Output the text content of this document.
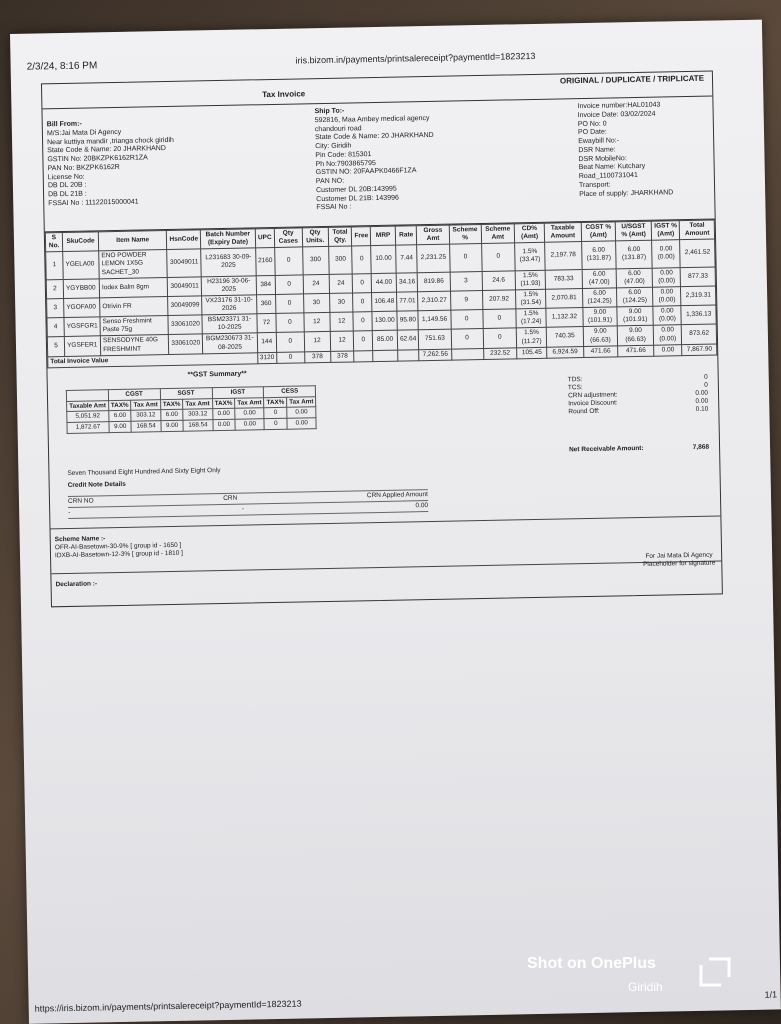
2/3/24, 8:16 PM
iris.bizom.in/payments/printsalereceipt?paymentId=1823213
Tax Invoice
ORIGINAL / DUPLICATE / TRIPLICATE
Bill From:-
M/S:Jai Mata Di Agency
Near kuttiya mandir ,trianga chock giridih
State Code & Name: 20 JHARKHAND
GSTIN No: 20BKZPK6162R1ZA
PAN No: BKZPK6162R
License No:
DB DL 20B :
DB DL 21B :
FSSAI No : 11122015000041
Ship To:-
592816, Maa Ambey medical agency
chandouri road
State Code & Name: 20 JHARKHAND
City: Giridih
Pin Code: 815301
Ph No:7903865795
GSTIN NO: 20FAAPK0466F1ZA
PAN NO:
Customer DL 20B:143995
Customer DL 21B: 143996
FSSAI No :
Invoice number:HAL01043
Invoice Date: 03/02/2024
PO No: 0
PO Date:
Ewaybill No:-
DSR Name:
DSR MobileNo:
Beat Name: Kutchary
Road_1100731041
Transport:
Place of supply: JHARKHAND
S No.	SkuCode	Item Name	HsnCode	Batch Number (Expiry Date)	UPC	Qty Cases	Qty Units.	Total Qty.	Free	MRP	Rate	Gross Amt	Scheme %	Scheme Amt	CD% (Amt)	Taxable Amount	CGST % (Amt)	U/SGST % (Amt)	IGST % (Amt)	Total Amount
1	YGELA00	ENO POWDER LEMON 1X5G SACHET_30	30049011	L231683 30-09-2025	2160	0	300	300	0	10.00	7.44	2,231.25	0	0	1.5% (33.47)	2,197.78	6.00 (131.87)	6.00 (131.87)	0.00 (0.00)	2,461.52
2	YGYBB00	Iodex Balm 8gm	30049011	H23196 30-06-2025	384	0	24	24	0	44.00	34.16	819.86	3	24.6	1.5% (11.93)	783.33	6.00 (47.00)	6.00 (47.00)	0.00 (0.00)	877.33
3	YGOFA00	Otrivin FR	30049099	VX23176 31-10-2026	360	0	30	30	0	106.48	77.01	2,310.27	9	207.92	1.5% (31.54)	2,070.81	6.00 (124.25)	6.00 (124.25)	0.00 (0.00)	2,319.31
4	YGSFGR1	Senso Freshmint Paste 75g	33061020	BSM23371 31-10-2025	72	0	12	12	0	130.00	95.80	1,149.56	0	0	1.5% (17.24)	1,132.32	9.00 (101.91)	9.00 (101.91)	0.00 (0.00)	1,336.13
5	YGSFER1	SENSODYNE 40G FRESHMINT	33061020	BGM230673 31-08-2025	144	0	12	12	0	85.00	62.64	751.63	0	0	1.5% (11.27)	740.35	9.00 (66.63)	9.00 (66.63)	0.00 (0.00)	873.62
Total Invoice Value					3120	0	378	378				7,262.56		232.52	105.45	6,924.59	471.66	471.66	0.00	7,867.90
**GST Summary**
	CGST		SGST		IGST		CESS	
Taxable Amt	TAX%	Tax Amt	TAX%	Tax Amt	TAX%	Tax Amt	TAX%	Tax Amt
5,051.92	6.00	303.12	6.00	303.12	0.00	0.00	0	0.00
1,872.67	9.00	168.54	9.00	168.54	0.00	0.00	0	0.00
TDS:	0
TCS:	0
CRN adjustment:	0.00
Invoice Discount:	0.00
Round Off:	0.10
Net Receivable Amount:	7,868
Seven Thousand Eight Hundred And Sixty Eight Only
Credit Note Details
CRN NO	CRN	CRN Applied Amount
-	-	0.00
Scheme Name :-
OFR-AI-Basetown-30-9% [ group id - 1650 ]
IDXB-AI-Basetown-12-3% [ group id - 1810 ]	For Jai Mata Di Agency
Placeholder for signature
Declaration :-
https://iris.bizom.in/payments/printsalereceipt?paymentId=1823213
1/1
Shot on OnePlus
Giridih
